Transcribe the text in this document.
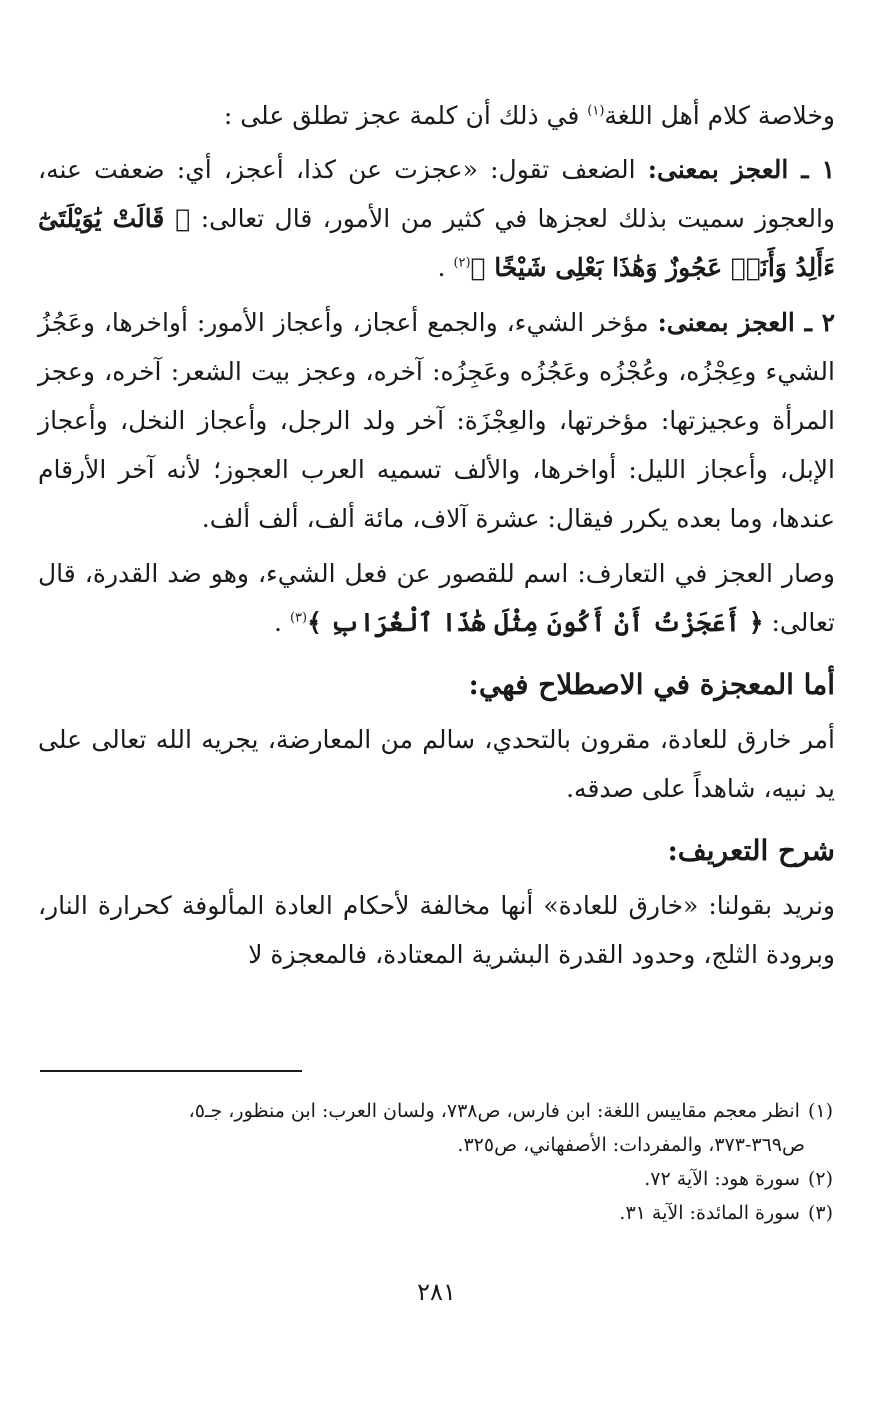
وخلاصة كلام أهل اللغة$^{(١)}$ في ذلك أن كلمة عجز تطلق على :

١ ـ العجز بمعنى: الضعف تقول: «عجزت عن كذا، أعجز، أي: ضعفت عنه، والعجوز سميت بذلك لعجزها في كثير من الأمور، قال تعالى: ﴿ قَالَتْ يَٰوَيْلَتَىٰٓ ءَأَلِدُ وَأَنَا۠ عَجُوزٌ وَهَٰذَا بَعْلِى شَيْخًا ﴾$^{(٢)}$ .

٢ ـ العجز بمعنى: مؤخر الشيء، والجمع أعجاز، وأعجاز الأمور: أواخرها، وعَجُزُ الشيء وعِجْزُه، وعُجْزُه وعَجُزُه وعَجِزُه: آخره، وعجز بيت الشعر: آخره، وعجز المرأة وعجيزتها: مؤخرتها، والعِجْزَة: آخر ولد الرجل، وأعجاز النخل، وأعجاز الإبل، وأعجاز الليل: أواخرها، والألف تسميه العرب العجوز؛ لأنه آخر الأرقام عندها، وما بعده يكرر فيقال: عشرة آلاف، مائة ألف، ألف ألف.

وصار العجز في التعارف: اسم للقصور عن فعل الشيء، وهو ضد القدرة، قال تعالى: ﴿ أَعَجَزْتُ أَنْ أَكُونَ مِثْلَ هَٰذَا ٱلْغُرَابِ ﴾$^{(٣)}$ .

أما المعجزة في الاصطلاح فهي:

أمر خارق للعادة، مقرون بالتحدي، سالم من المعارضة، يجريه الله تعالى على يد نبيه، شاهداً على صدقه.

شرح التعريف:

ونريد بقولنا: «خارق للعادة» أنها مخالفة لأحكام العادة المألوفة كحرارة النار، وبرودة الثلج، وحدود القدرة البشرية المعتادة، فالمعجزة لا

(١)انظر معجم مقاييس اللغة: ابن فارس، ص٧٣٨، ولسان العرب: ابن منظور، جـ٥،

ص٣٦٩-٣٧٣، والمفردات: الأصفهاني، ص٣٢٥.

(٢)سورة هود: الآية ٧٢.

(٣)سورة المائدة: الآية ٣١.

٢٨١
